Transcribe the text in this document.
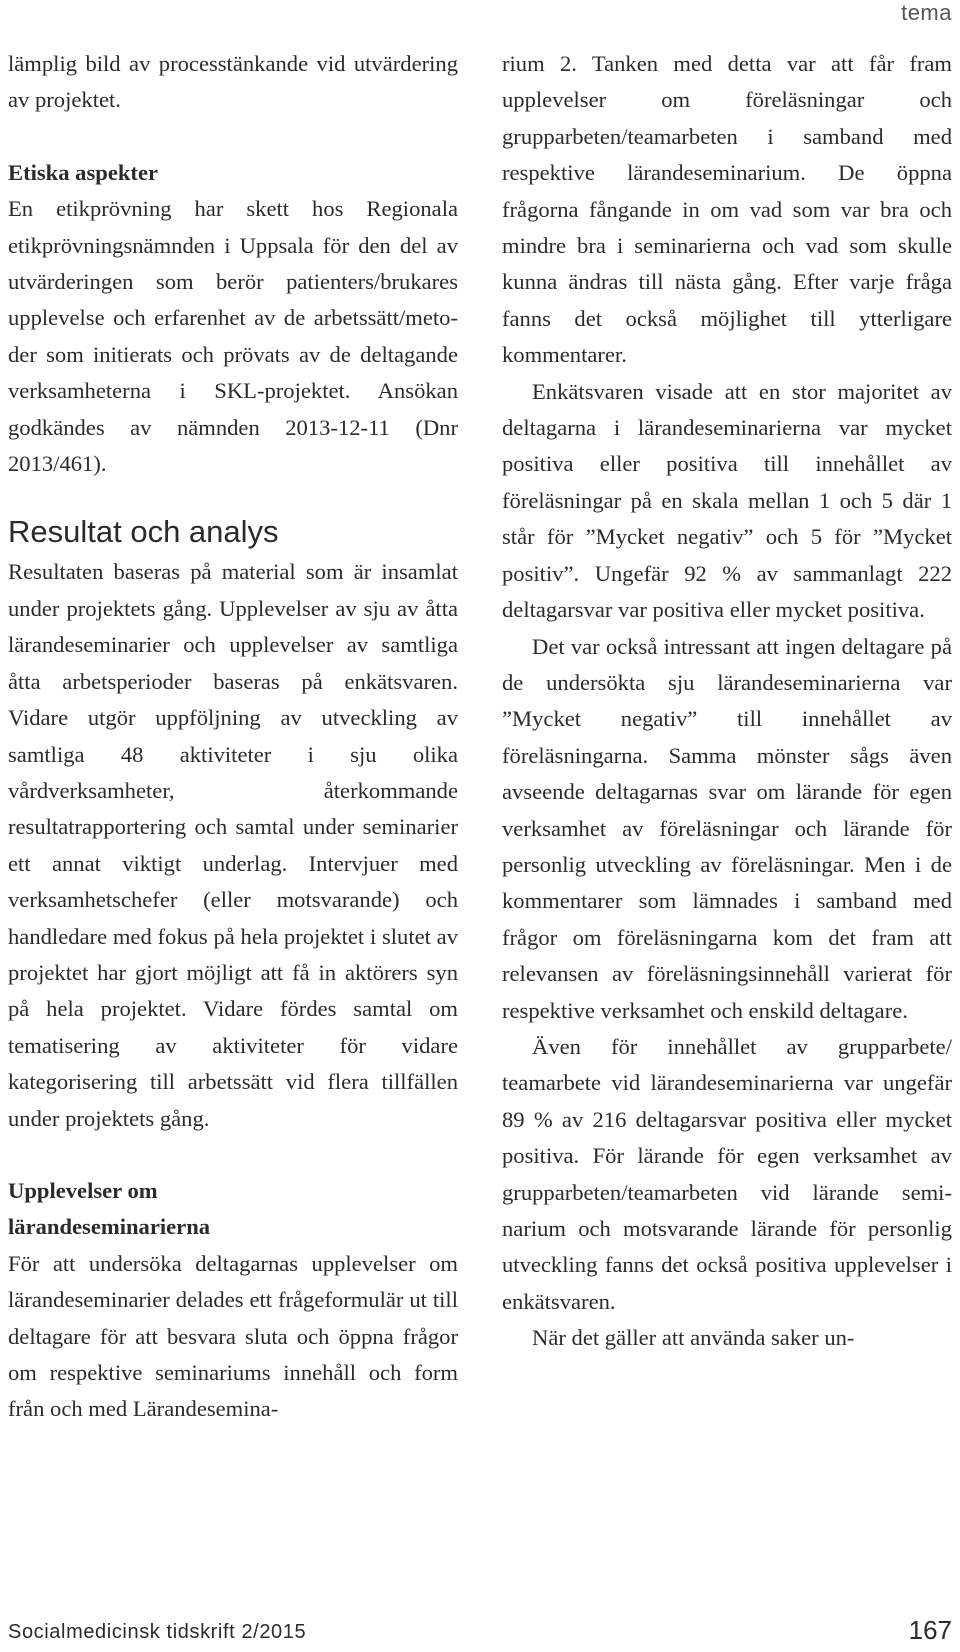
tema

lämplig bild av processtänkande vid utvärdering av projektet.

Etiska aspekter

En etikprövning har skett hos Regionala etikprövningsnämnden i Uppsala för den del av utvärderingen som berör patienters/brukares upplevelse och erfarenhet av de arbetssätt/metoder som initierats och prövats av de deltagande verksamheterna i SKL-projektet. Ansökan godkändes av nämnden 2013-12-11 (Dnr 2013/461).

Resultat och analys

Resultaten baseras på material som är insamlat under projektets gång. Upplevelser av sju av åtta lärandeseminarier och upplevelser av samtliga åtta arbetsperioder baseras på enkätsvaren. Vidare utgör uppföljning av utveckling av samtliga 48 aktiviteter i sju olika vårdverksamheter, återkommande resultatrapportering och samtal under seminarier ett annat viktigt underlag. Intervjuer med verksamhetschefer (eller motsvarande) och handledare med fokus på hela projektet i slutet av projektet har gjort möjligt att få in aktörers syn på hela projektet. Vidare fördes samtal om tematisering av aktiviteter för vidare kategorisering till arbetssätt vid flera tillfällen under projektets gång.

Upplevelser om

lärandeseminarierna

För att undersöka deltagarnas upplevelser om lärandeseminarier delades ett frågeformulär ut till deltagare för att besvara sluta och öppna frågor om respektive seminariums innehåll och form från och med Lärandesemina-

rium 2. Tanken med detta var att får fram upplevelser om föreläsningar och grupparbeten/teamarbeten i samband med respektive lärandeseminarium. De öppna frågorna fångande in om vad som var bra och mindre bra i seminarierna och vad som skulle kunna ändras till nästa gång. Efter varje fråga fanns det också möjlighet till ytterligare kommentarer.

Enkätsvaren visade att en stor majoritet av deltagarna i lärandeseminarierna var mycket positiva eller positiva till innehållet av föreläsningar på en skala mellan 1 och 5 där 1 står för ”Mycket negativ” och 5 för ”Mycket positiv”. Ungefär 92 % av sammanlagt 222 deltagarsvar var positiva eller mycket positiva.

Det var också intressant att ingen deltagare på de undersökta sju lärandeseminarierna var ”Mycket negativ” till innehållet av föreläsningarna. Samma mönster sågs även avseende deltagarnas svar om lärande för egen verksamhet av föreläsningar och lärande för personlig utveckling av föreläsningar. Men i de kommentarer som lämnades i samband med frågor om föreläsningarna kom det fram att relevansen av föreläsningsinnehåll varierat för respektive verksamhet och enskild deltagare.

Även för innehållet av grupparbete/ teamarbete vid lärandeseminarierna var ungefär 89 % av 216 deltagarsvar positiva eller mycket positiva. För lärande för egen verksamhet av grupparbeten/teamarbeten vid lärande seminarium och motsvarande lärande för personlig utveckling fanns det också positiva upplevelser i enkätsvaren.

När det gäller att använda saker un-

Socialmedicinsk tidskrift 2/2015	167
